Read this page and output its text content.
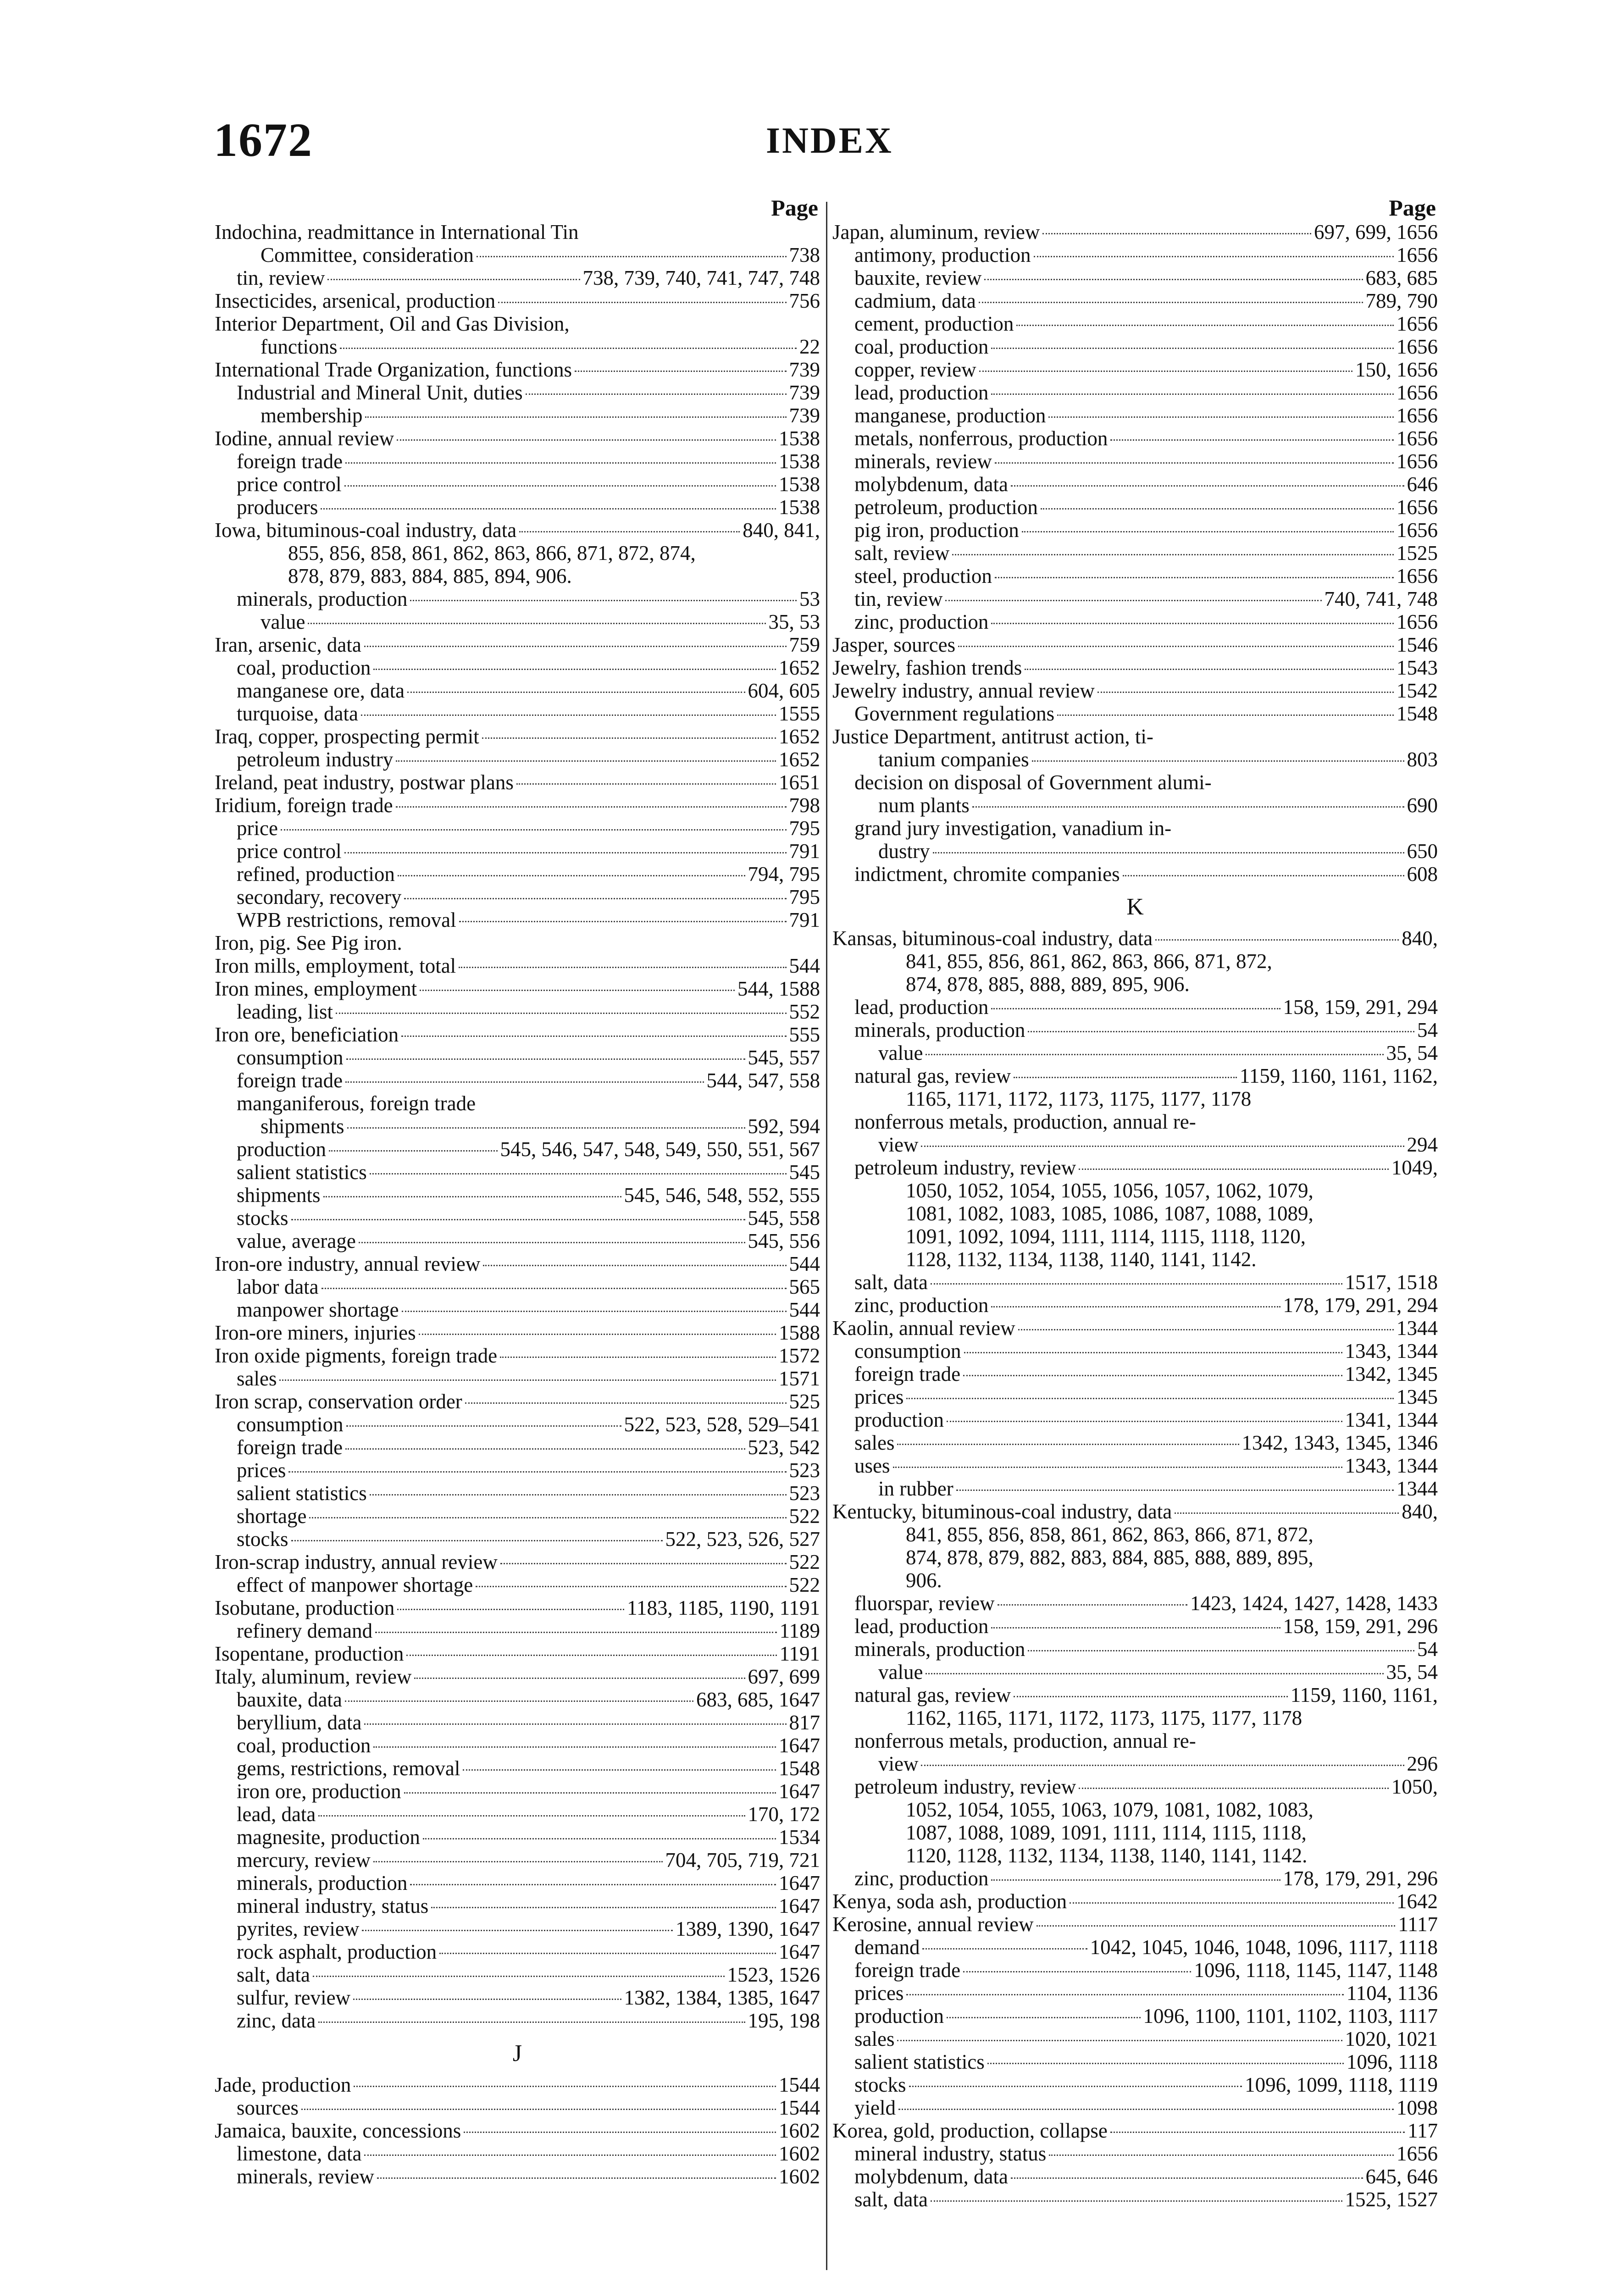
1672	INDEX
Page
Indochina, readmittance in International Tin
Committee, consideration	738
tin, review	738, 739, 740, 741, 747, 748
Insecticides, arsenical, production	756
Interior Department, Oil and Gas Division,
functions	22
International Trade Organization, functions	739
Industrial and Mineral Unit, duties	739
membership	739
Iodine, annual review	1538
foreign trade	1538
price control	1538
producers	1538
Iowa, bituminous-coal industry, data	840, 841,
855, 856, 858, 861, 862, 863, 866, 871, 872, 874,
878, 879, 883, 884, 885, 894, 906.
minerals, production	53
value	35, 53
Iran, arsenic, data	759
coal, production	1652
manganese ore, data	604, 605
turquoise, data	1555
Iraq, copper, prospecting permit	1652
petroleum industry	1652
Ireland, peat industry, postwar plans	1651
Iridium, foreign trade	798
price	795
price control	791
refined, production	794, 795
secondary, recovery	795
WPB restrictions, removal	791
Iron, pig. See Pig iron.
Iron mills, employment, total	544
Iron mines, employment	544, 1588
leading, list	552
Iron ore, beneficiation	555
consumption	545, 557
foreign trade	544, 547, 558
manganiferous, foreign trade
shipments	592, 594
production	545, 546, 547, 548, 549, 550, 551, 567
salient statistics	545
shipments	545, 546, 548, 552, 555
stocks	545, 558
value, average	545, 556
Iron-ore industry, annual review	544
labor data	565
manpower shortage	544
Iron-ore miners, injuries	1588
Iron oxide pigments, foreign trade	1572
sales	1571
Iron scrap, conservation order	525
consumption	522, 523, 528, 529–541
foreign trade	523, 542
prices	523
salient statistics	523
shortage	522
stocks	522, 523, 526, 527
Iron-scrap industry, annual review	522
effect of manpower shortage	522
Isobutane, production	1183, 1185, 1190, 1191
refinery demand	1189
Isopentane, production	1191
Italy, aluminum, review	697, 699
bauxite, data	683, 685, 1647
beryllium, data	817
coal, production	1647
gems, restrictions, removal	1548
iron ore, production	1647
lead, data	170, 172
magnesite, production	1534
mercury, review	704, 705, 719, 721
minerals, production	1647
mineral industry, status	1647
pyrites, review	1389, 1390, 1647
rock asphalt, production	1647
salt, data	1523, 1526
sulfur, review	1382, 1384, 1385, 1647
zinc, data	195, 198
J
Jade, production	1544
sources	1544
Jamaica, bauxite, concessions	1602
limestone, data	1602
minerals, review	1602
Page
Japan, aluminum, review	697, 699, 1656
antimony, production	1656
bauxite, review	683, 685
cadmium, data	789, 790
cement, production	1656
coal, production	1656
copper, review	150, 1656
lead, production	1656
manganese, production	1656
metals, nonferrous, production	1656
minerals, review	1656
molybdenum, data	646
petroleum, production	1656
pig iron, production	1656
salt, review	1525
steel, production	1656
tin, review	740, 741, 748
zinc, production	1656
Jasper, sources	1546
Jewelry, fashion trends	1543
Jewelry industry, annual review	1542
Government regulations	1548
Justice Department, antitrust action, ti-
tanium companies	803
decision on disposal of Government alumi-
num plants	690
grand jury investigation, vanadium in-
dustry	650
indictment, chromite companies	608
K
Kansas, bituminous-coal industry, data	840,
841, 855, 856, 861, 862, 863, 866, 871, 872,
874, 878, 885, 888, 889, 895, 906.
lead, production	158, 159, 291, 294
minerals, production	54
value	35, 54
natural gas, review	1159, 1160, 1161, 1162,
1165, 1171, 1172, 1173, 1175, 1177, 1178
nonferrous metals, production, annual re-
view	294
petroleum industry, review	1049,
1050, 1052, 1054, 1055, 1056, 1057, 1062, 1079,
1081, 1082, 1083, 1085, 1086, 1087, 1088, 1089,
1091, 1092, 1094, 1111, 1114, 1115, 1118, 1120,
1128, 1132, 1134, 1138, 1140, 1141, 1142.
salt, data	1517, 1518
zinc, production	178, 179, 291, 294
Kaolin, annual review	1344
consumption	1343, 1344
foreign trade	1342, 1345
prices	1345
production	1341, 1344
sales	1342, 1343, 1345, 1346
uses	1343, 1344
in rubber	1344
Kentucky, bituminous-coal industry, data	840,
841, 855, 856, 858, 861, 862, 863, 866, 871, 872,
874, 878, 879, 882, 883, 884, 885, 888, 889, 895,
906.
fluorspar, review	1423, 1424, 1427, 1428, 1433
lead, production	158, 159, 291, 296
minerals, production	54
value	35, 54
natural gas, review	1159, 1160, 1161,
1162, 1165, 1171, 1172, 1173, 1175, 1177, 1178
nonferrous metals, production, annual re-
view	296
petroleum industry, review	1050,
1052, 1054, 1055, 1063, 1079, 1081, 1082, 1083,
1087, 1088, 1089, 1091, 1111, 1114, 1115, 1118,
1120, 1128, 1132, 1134, 1138, 1140, 1141, 1142.
zinc, production	178, 179, 291, 296
Kenya, soda ash, production	1642
Kerosine, annual review	1117
demand	1042, 1045, 1046, 1048, 1096, 1117, 1118
foreign trade	1096, 1118, 1145, 1147, 1148
prices	1104, 1136
production	1096, 1100, 1101, 1102, 1103, 1117
sales	1020, 1021
salient statistics	1096, 1118
stocks	1096, 1099, 1118, 1119
yield	1098
Korea, gold, production, collapse	117
mineral industry, status	1656
molybdenum, data	645, 646
salt, data	1525, 1527
